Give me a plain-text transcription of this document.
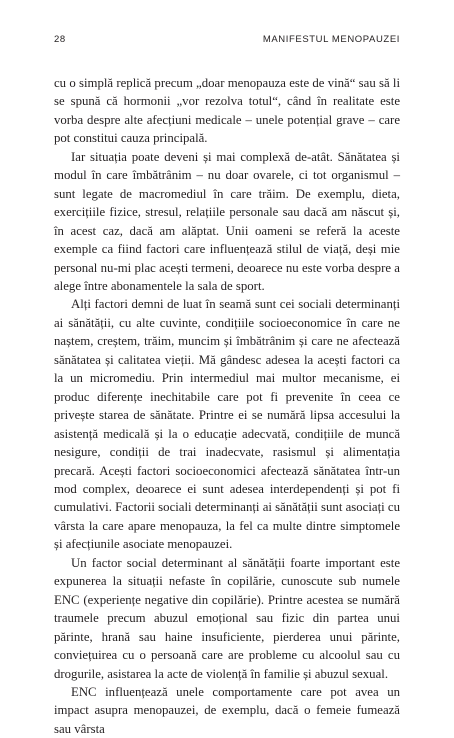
28	MANIFESTUL MENOPAUZEI

cu o simplă replică precum „doar menopauza este de vină“ sau să li se spună că hormonii „vor rezolva totul“, când în realitate este vorba despre alte afecțiuni medicale – unele potențial grave – care pot constitui cauza principală.

Iar situația poate deveni și mai complexă de-atât. Sănătatea și modul în care îmbătrânim – nu doar ovarele, ci tot organismul – sunt legate de macromediul în care trăim. De exemplu, dieta, exercițiile fizice, stresul, relațiile personale sau dacă am născut și, în acest caz, dacă am alăptat. Unii oameni se referă la aceste exemple ca fiind factori care influențează stilul de viață, deși mie personal nu-mi plac acești termeni, deoarece nu este vorba despre a alege între abonamentele la sala de sport.

Alți factori demni de luat în seamă sunt cei sociali determinanți ai sănătății, cu alte cuvinte, condițiile socioeconomice în care ne naștem, creștem, trăim, muncim și îmbătrânim și care ne afectează sănătatea și calitatea vieții. Mă gândesc adesea la acești factori ca la un micromediu. Prin intermediul mai multor mecanisme, ei produc diferențe inechitabile care pot fi prevenite în ceea ce privește starea de sănătate. Printre ei se numără lipsa accesului la asistență medicală și la o educație adecvată, condițiile de muncă nesigure, condiții de trai inadecvate, rasismul și alimentația precară. Acești factori socioeconomici afectează sănătatea într-un mod complex, deoarece ei sunt adesea interdependenți și pot fi cumulativi. Factorii sociali determinanți ai sănătății sunt asociați cu vârsta la care apare menopauza, la fel ca multe dintre simptomele și afecțiunile asociate menopauzei.

Un factor social determinant al sănătății foarte important este expunerea la situații nefaste în copilărie, cunoscute sub numele ENC (experiențe negative din copilărie). Printre acestea se numără traumele precum abuzul emoțional sau fizic din partea unui părinte, hrană sau haine insuficiente, pierderea unui părinte, conviețuirea cu o persoană care are probleme cu alcoolul sau cu drogurile, asistarea la acte de violență în familie și abuzul sexual.

ENC influențează unele comportamente care pot avea un impact asupra menopauzei, de exemplu, dacă o femeie fumează sau vârsta
